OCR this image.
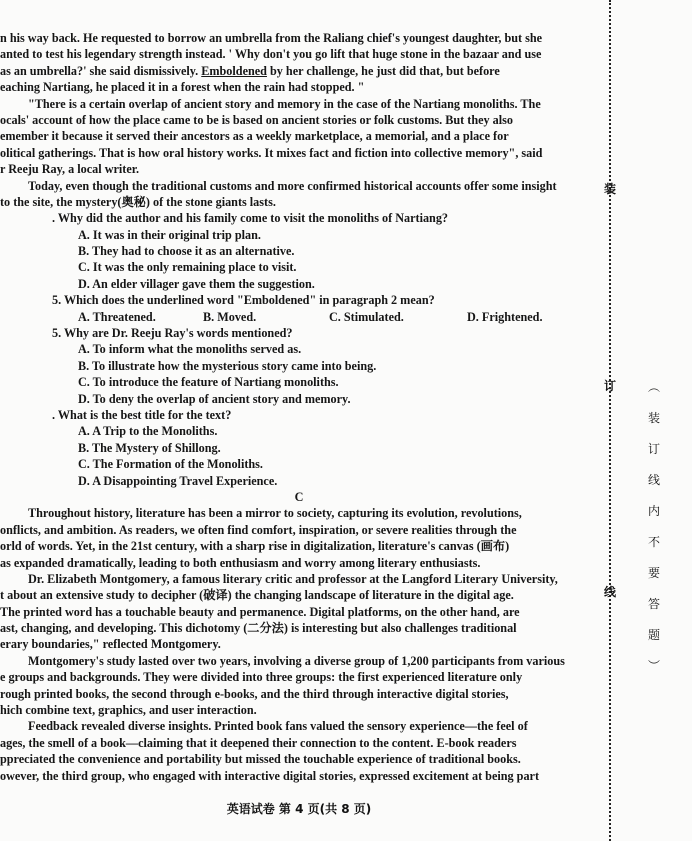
n his way back. He requested to borrow an umbrella from the Raliang chief's youngest daughter, but she
anted to test his legendary strength instead. ' Why don't you go lift that huge stone in the bazaar and use
as an umbrella?' she said dismissively. Emboldened by her challenge, he just did that, but before
eaching Nartiang, he placed it in a forest when the rain had stopped. "
"There is a certain overlap of ancient story and memory in the case of the Nartiang monoliths. The
ocals' account of how the place came to be is based on ancient stories or folk customs. But they also
emember it because it served their ancestors as a weekly marketplace, a memorial, and a place for
olitical gatherings. That is how oral history works. It mixes fact and fiction into collective memory", said
r Reeju Ray, a local writer.
Today, even though the traditional customs and more confirmed historical accounts offer some insight
to the site, the mystery(奥秘) of the stone giants lasts.
. Why did the author and his family come to visit the monoliths of Nartiang?
A. It was in their original trip plan.
B. They had to choose it as an alternative.
C. It was the only remaining place to visit.
D. An elder villager gave them the suggestion.
5. Which does the underlined word "Emboldened" in paragraph 2 mean?
A. Threatened.	B. Moved.	C. Stimulated.	D. Frightened.
5. Why are Dr. Reeju Ray's words mentioned?
A. To inform what the monoliths served as.
B. To illustrate how the mysterious story came into being.
C. To introduce the feature of Nartiang monoliths.
D. To deny the overlap of ancient story and memory.
. What is the best title for the text?
A. A Trip to the Monoliths.
B. The Mystery of Shillong.
C. The Formation of the Monoliths.
D. A Disappointing Travel Experience.
C
Throughout history, literature has been a mirror to society, capturing its evolution, revolutions,
onflicts, and ambition. As readers, we often find comfort, inspiration, or severe realities through the
orld of words. Yet, in the 21st century, with a sharp rise in digitalization, literature's canvas (画布)
as expanded dramatically, leading to both enthusiasm and worry among literary enthusiasts.
Dr. Elizabeth Montgomery, a famous literary critic and professor at the Langford Literary University,
t about an extensive study to decipher (破译) the changing landscape of literature in the digital age.
The printed word has a touchable beauty and permanence. Digital platforms, on the other hand, are
ast, changing, and developing. This dichotomy (二分法) is interesting but also challenges traditional
erary boundaries," reflected Montgomery.
Montgomery's study lasted over two years, involving a diverse group of 1,200 participants from various
e groups and backgrounds. They were divided into three groups: the first experienced literature only
rough printed books, the second through e-books, and the third through interactive digital stories,
hich combine text, graphics, and user interaction.
Feedback revealed diverse insights. Printed book fans valued the sensory experience—the feel of
ages, the smell of a book—claiming that it deepened their connection to the content. E-book readers
ppreciated the convenience and portability but missed the touchable experience of traditional books.
owever, the third group, who engaged with interactive digital stories, expressed excitement at being part
装
订
线
︵
装
订
线
内
不
要
答
题
︶
英语试卷 第 4 页(共 8 页)
